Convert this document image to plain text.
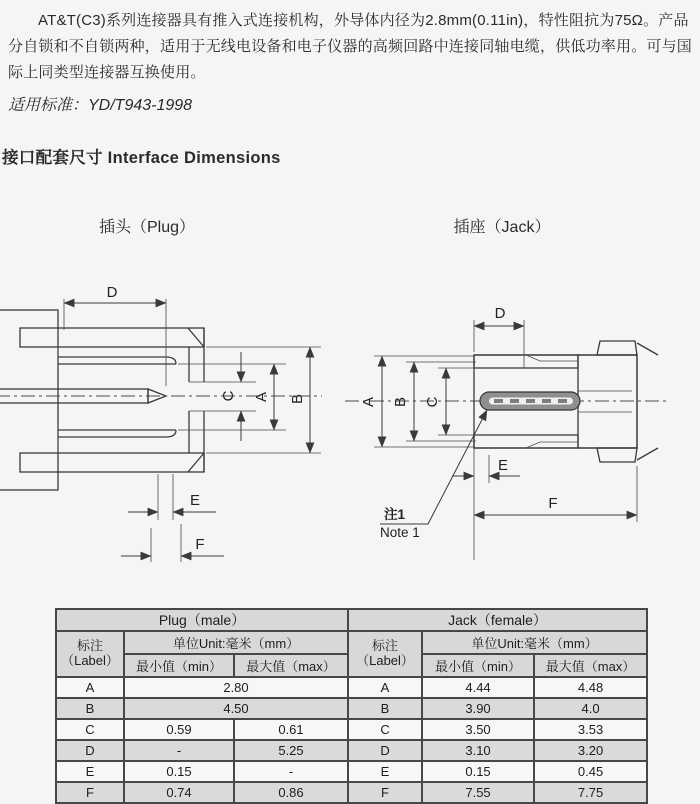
AT&T(C3)系列连接器具有推入式连接机构，外导体内径为2.8mm(0.11in)，特性阻抗为75Ω。产品分自锁和不自锁两种，适用于无线电设备和电子仪器的高频回路中连接同轴电缆，供低功率用。可与国际上同类型连接器互换使用。

适用标准：YD/T943-1998
接口配套尺寸 Interface Dimensions
插头（Plug）	插座（Jack）
D
C A B
E
F
D
A B C
E
F
注1
Note 1
Plug（male）			Jack（female）		
标注
（Label）	单位Unit:毫米（mm）		标注
（Label）	单位Unit:毫米（mm）	
	最小值（min）	最大值（max）		最小值（min）	最大值（max）
A	2.80		A	4.44	4.48
B	4.50		B	3.90	4.0
C	0.59	0.61	C	3.50	3.53
D	-	5.25	D	3.10	3.20
E	0.15	-	E	0.15	0.45
F	0.74	0.86	F	7.55	7.75
